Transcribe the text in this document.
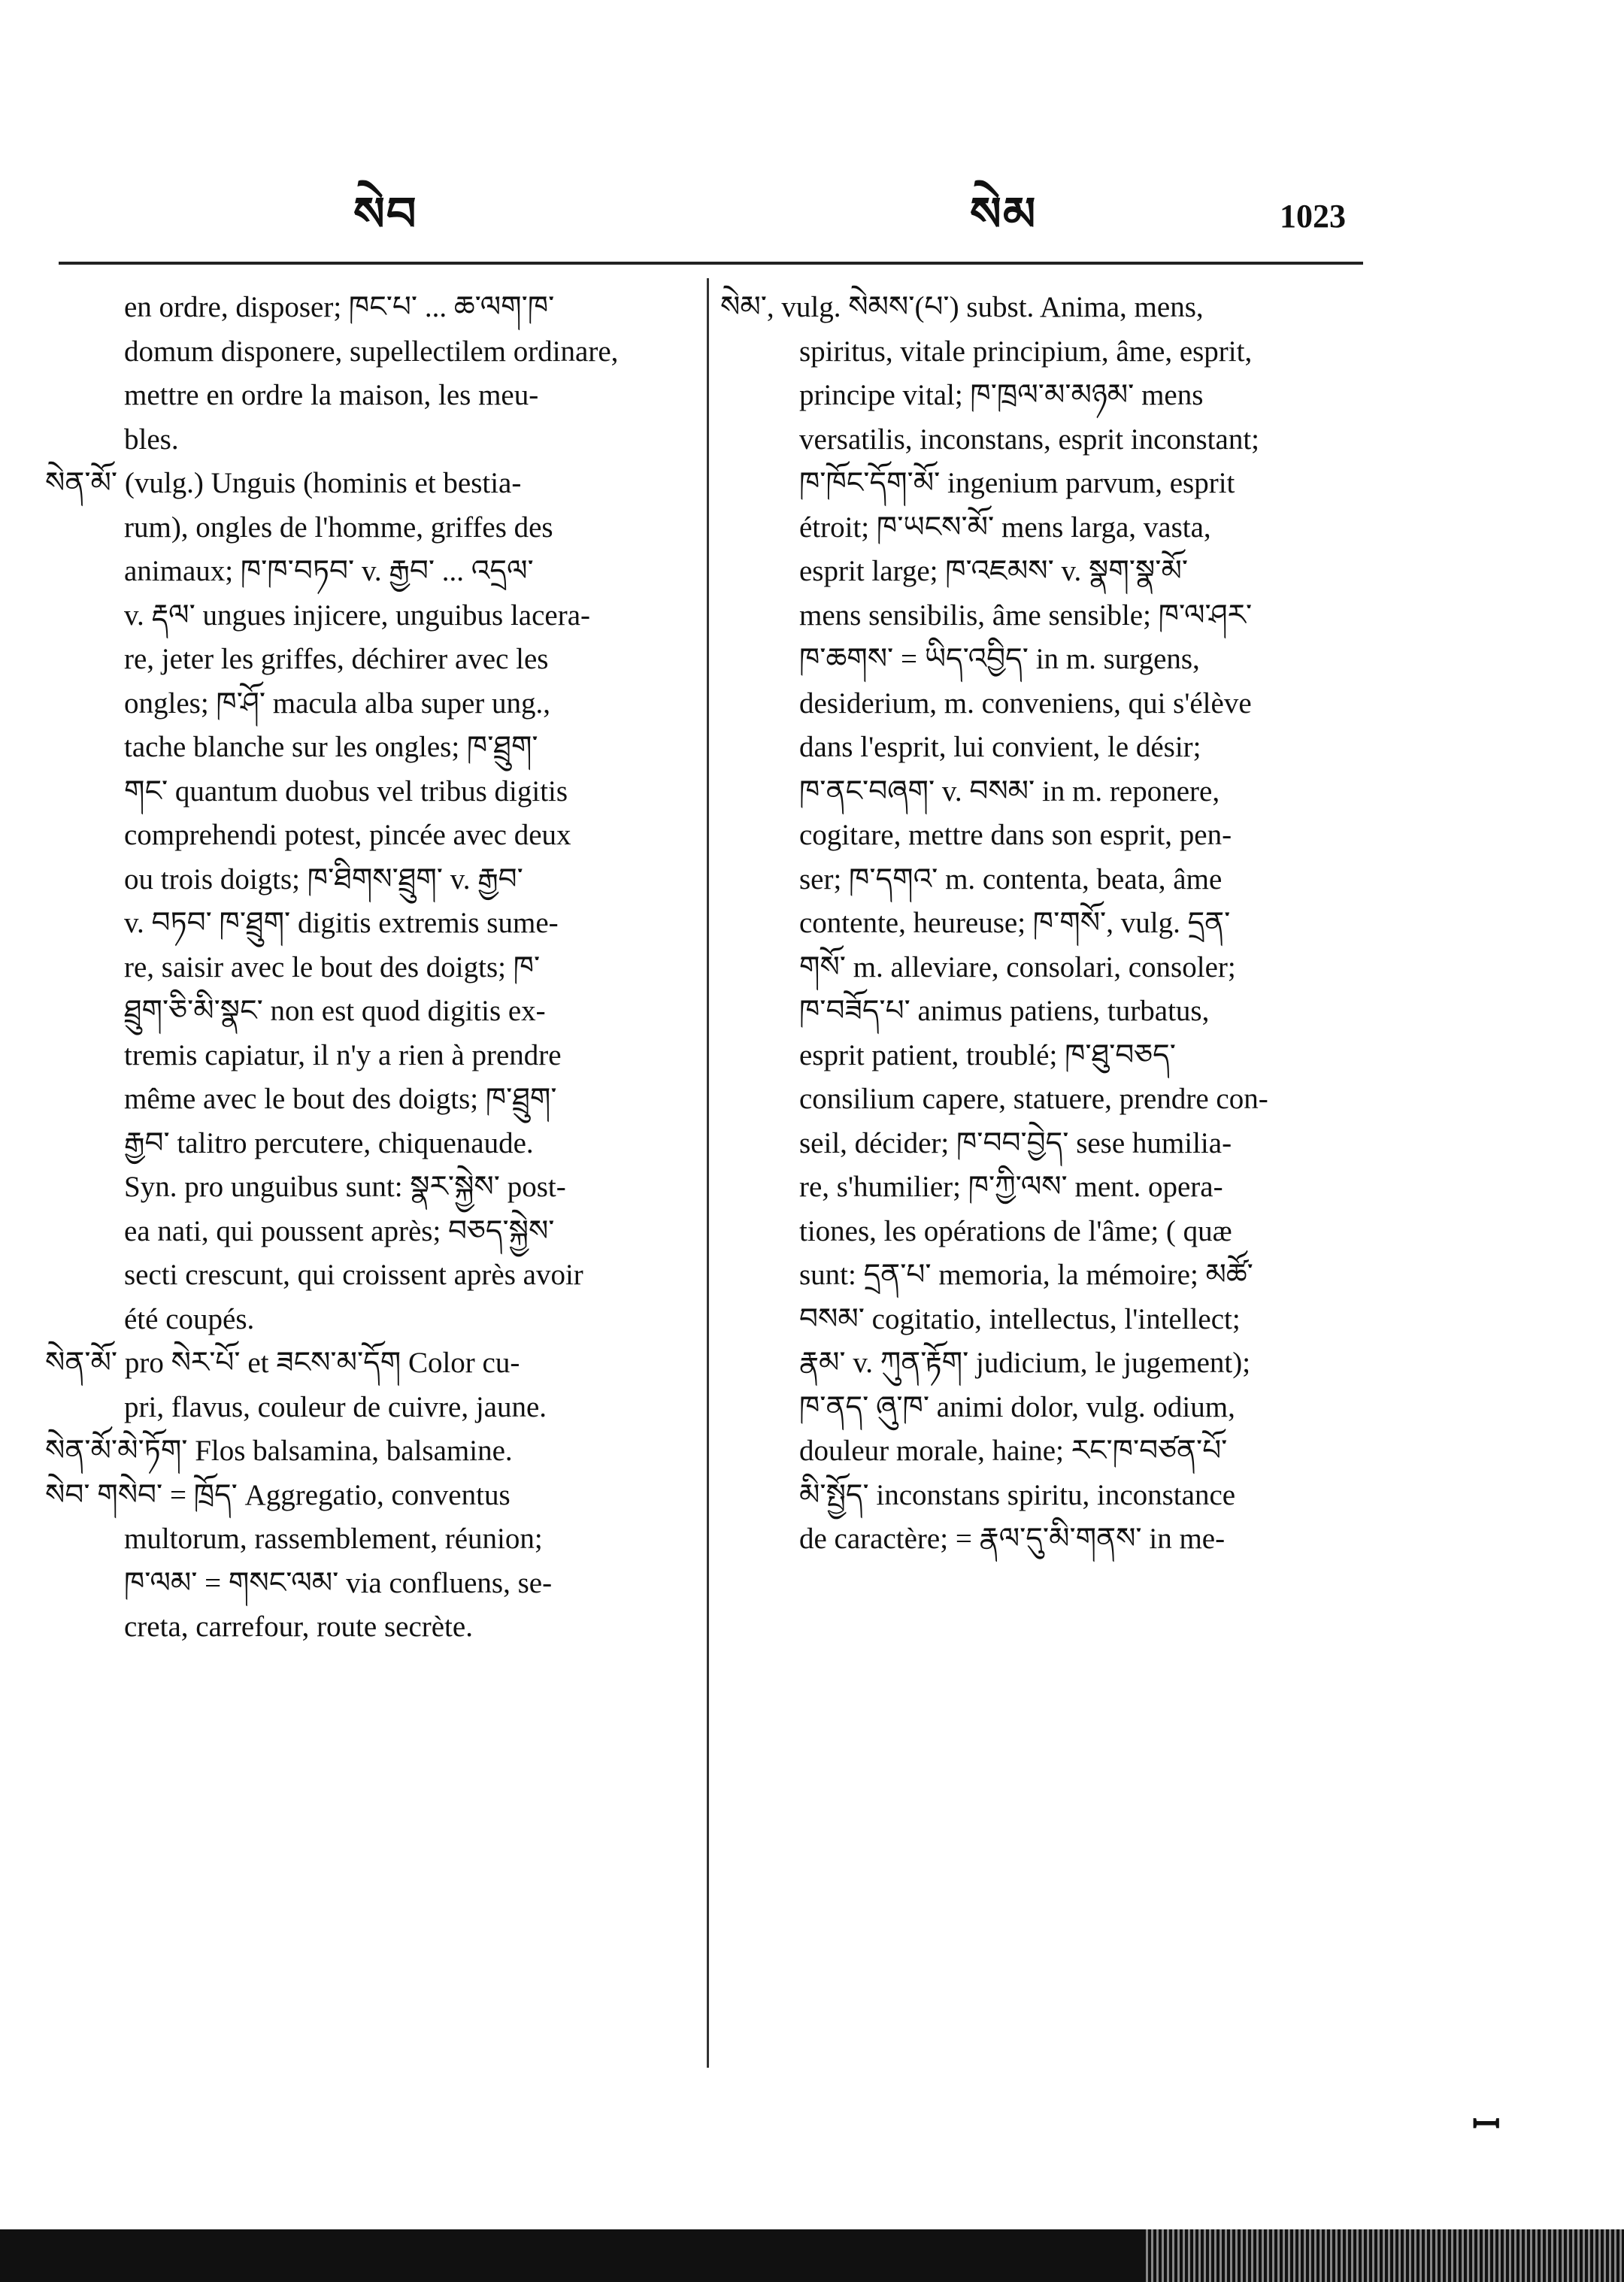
སེབ	སེམ	1023
en ordre, disposer; ཁང་པ་ ... ཆ་ལག་ཁ་
domum disponere, supellectilem ordinare,
mettre en ordre la maison, les meu-
bles.
སེན་མོ་ (vulg.) Unguis (hominis et bestia-
rum), ongles de l'homme, griffes des
animaux; ཁ་ཁ་བཏབ་ v. རྒྱབ་ ... འདྲལ་
v. རྡལ་ ungues injicere, unguibus lacera-
re, jeter les griffes, déchirer avec les
ongles; ཁ་ཤོ་ macula alba super ung.,
tache blanche sur les ongles; ཁ་ཐྲུག་
གང་ quantum duobus vel tribus digitis
comprehendi potest, pincée avec deux
ou trois doigts; ཁ་ཐིགས་ཐྲུག་ v. རྒྱབ་
v. བཏབ་ ཁ་ཐྲུག་ digitis extremis sume-
re, saisir avec le bout des doigts; ཁ་
ཐྲུག་ཅི་མི་སྣང་ non est quod digitis ex-
tremis capiatur, il n'y a rien à prendre
même avec le bout des doigts; ཁ་ཐྲུག་
རྒྱབ་ talitro percutere, chiquenaude.
Syn. pro unguibus sunt: སྣར་སྐྱེས་ post-
ea nati, qui poussent après; བཅད་སྐྱེས་
secti crescunt, qui croissent après avoir
été coupés.
སེན་མོ་ pro སེར་པོ་ et ཟངས་མ་དོག Color cu-
pri, flavus, couleur de cuivre, jaune.
སེན་མོ་མེ་ཏོག་ Flos balsamina, balsamine.
སེབ་ གསེབ་ = ཁྲོད་ Aggregatio, conventus
multorum, rassemblement, réunion;
ཁ་ལམ་ = གསང་ལམ་ via confluens, se-
creta, carrefour, route secrète.
སེམ་, vulg. སེམས་(པ་) subst. Anima, mens,
spiritus, vitale principium, âme, esprit,
principe vital; ཁ་ཁྲལ་མ་མཉམ་ mens
versatilis, inconstans, esprit inconstant;
ཁ་ཁོང་དོག་མོ་ ingenium parvum, esprit
étroit; ཁ་ཡངས་མོ་ mens larga, vasta,
esprit large; ཁ་འཇམས་ v. སྣག་སྣ་མོ་
mens sensibilis, âme sensible; ཁ་ལ་ཤར་
ཁ་ཆགས་ = ཡིད་འབྱིད་ in m. surgens,
desiderium, m. conveniens, qui s'élève
dans l'esprit, lui convient, le désir;
ཁ་ནང་བཞག་ v. བསམ་ in m. reponere,
cogitare, mettre dans son esprit, pen-
ser; ཁ་དགའ་ m. contenta, beata, âme
contente, heureuse; ཁ་གསོ་, vulg. དྲན་
གསོ་ m. alleviare, consolari, consoler;
ཁ་བཟོད་པ་ animus patiens, turbatus,
esprit patient, troublé; ཁ་ཐུ་བཅད་
consilium capere, statuere, prendre con-
seil, décider; ཁ་བབ་བྱེད་ sese humilia-
re, s'humilier; ཁ་ཀྱི་ལས་ ment. opera-
tiones, les opérations de l'âme; ( quæ
sunt: དྲན་པ་ memoria, la mémoire; མཚོ་
བསམ་ cogitatio, intellectus, l'intellect;
རྣམ་ v. ཀུན་རྟོག་ judicium, le jugement);
ཁ་ནད་ ཞུ་ཁ་ animi dolor, vulg. odium,
douleur morale, haine; རང་ཁ་བཙན་པོ་
མི་སྤྱོད་ inconstans spiritu, inconstance
de caractère; = རྣལ་དུ་མི་གནས་ in me-
ꟷ
